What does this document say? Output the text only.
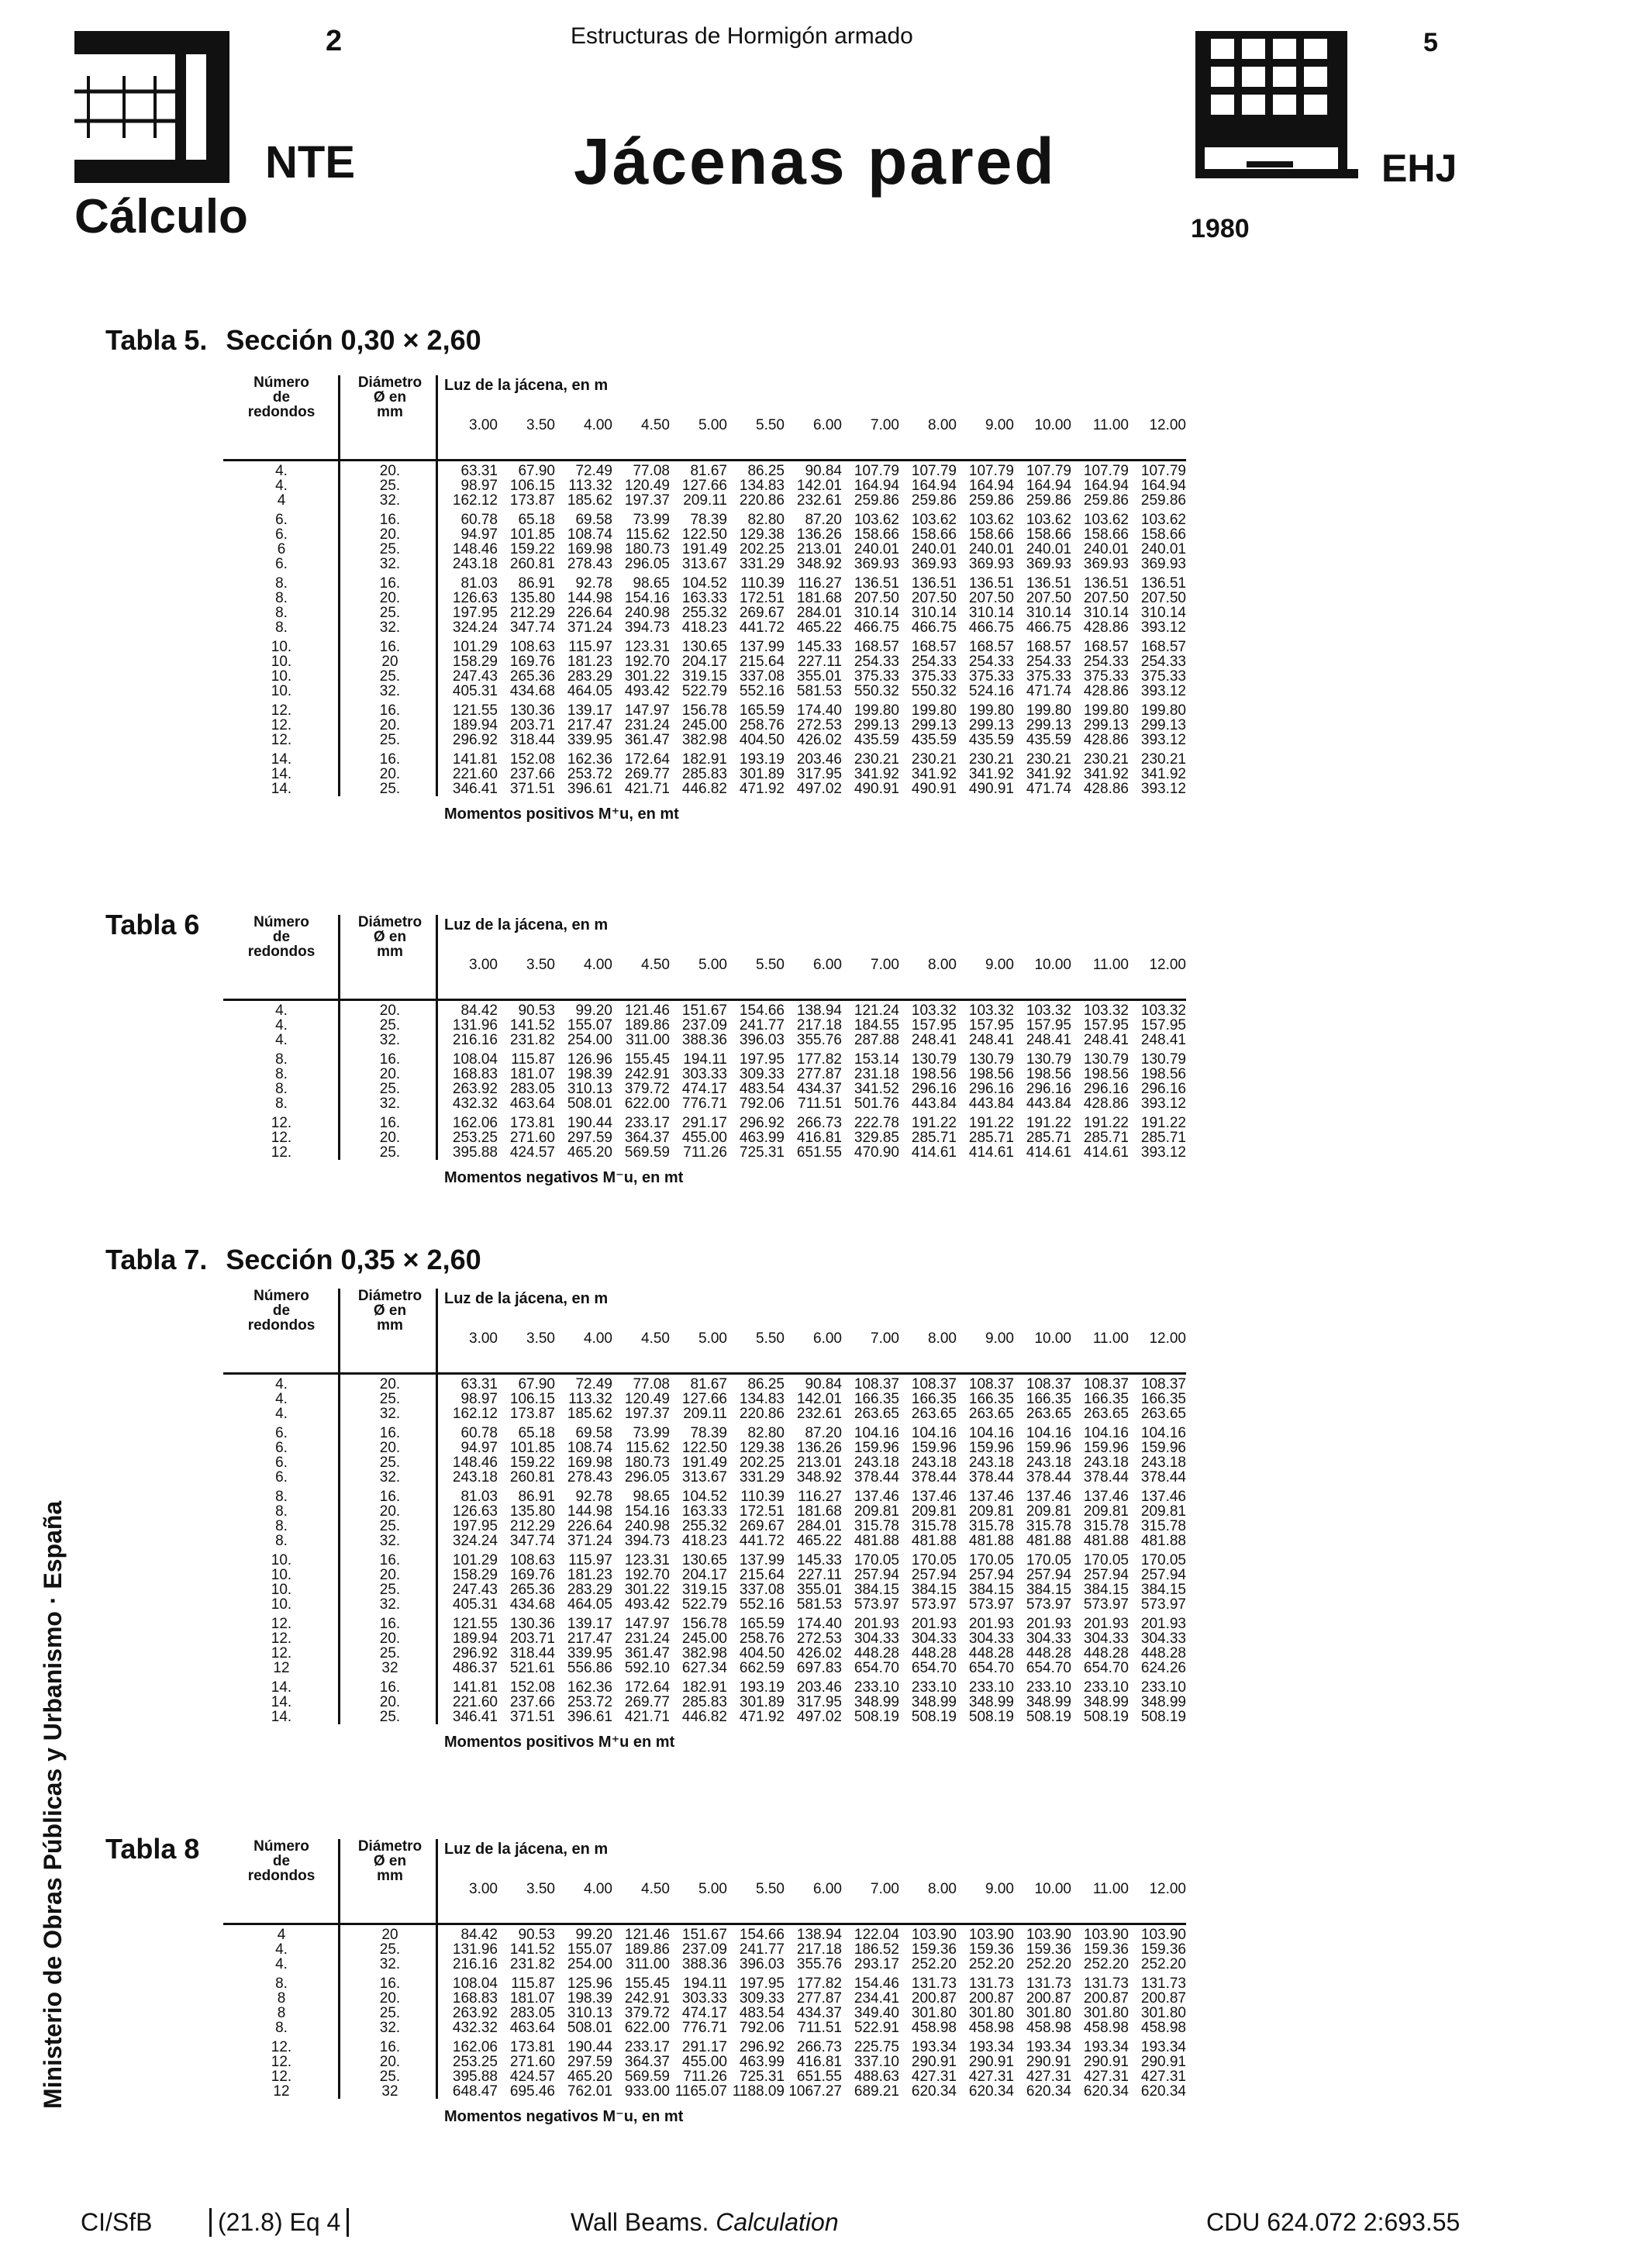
2	Estructuras de Hormigón armado	5
NTE	Jácenas pared	EHJ
Cálculo	1980
Tabla 5. Sección 0,30 × 2,60
Número
de
redondos
Diámetro
Ø en
mm
Luz de la jácena, en m
3.00	3.50	4.00	4.50	5.00	5.50	6.00	7.00	8.00	9.00	10.00	11.00	12.00
4.	20.	63.31	67.90	72.49	77.08	81.67	86.25	90.84 107.79 107.79 107.79 107.79 107.79 107.79
4.	25.	98.97 106.15 113.32 120.49 127.66 134.83 142.01 164.94 164.94 164.94 164.94 164.94 164.94
4	32.	162.12 173.87 185.62 197.37 209.11 220.86 232.61 259.86 259.86 259.86 259.86 259.86 259.86
6.	16.	60.78	65.18	69.58	73.99	78.39	82.80	87.20 103.62 103.62 103.62 103.62 103.62 103.62
6.	20.	94.97 101.85 108.74 115.62 122.50 129.38 136.26 158.66 158.66 158.66 158.66 158.66 158.66
6	25.	148.46 159.22 169.98 180.73 191.49 202.25 213.01 240.01 240.01 240.01 240.01 240.01 240.01
6.	32.	243.18 260.81 278.43 296.05 313.67 331.29 348.92 369.93 369.93 369.93 369.93 369.93 369.93
8.	16.	81.03	86.91	92.78	98.65 104.52 110.39 116.27 136.51 136.51 136.51 136.51 136.51 136.51
8.	20.	126.63 135.80 144.98 154.16 163.33 172.51 181.68 207.50 207.50 207.50 207.50 207.50 207.50
8.	25.	197.95 212.29 226.64 240.98 255.32 269.67 284.01 310.14 310.14 310.14 310.14 310.14 310.14
8.	32.	324.24 347.74 371.24 394.73 418.23 441.72 465.22 466.75 466.75 466.75 466.75 428.86 393.12
10.	16.	101.29 108.63 115.97 123.31 130.65 137.99 145.33 168.57 168.57 168.57 168.57 168.57 168.57
10.	20	158.29 169.76 181.23 192.70 204.17 215.64 227.11 254.33 254.33 254.33 254.33 254.33 254.33
10.	25.	247.43 265.36 283.29 301.22 319.15 337.08 355.01 375.33 375.33 375.33 375.33 375.33 375.33
10.	32.	405.31 434.68 464.05 493.42 522.79 552.16 581.53 550.32 550.32 524.16 471.74 428.86 393.12
12.	16.	121.55 130.36 139.17 147.97 156.78 165.59 174.40 199.80 199.80 199.80 199.80 199.80 199.80
12.	20.	189.94 203.71 217.47 231.24 245.00 258.76 272.53 299.13 299.13 299.13 299.13 299.13 299.13
12.	25.	296.92 318.44 339.95 361.47 382.98 404.50 426.02 435.59 435.59 435.59 435.59 428.86 393.12
14.	16.	141.81 152.08 162.36 172.64 182.91 193.19 203.46 230.21 230.21 230.21 230.21 230.21 230.21
14.	20.	221.60 237.66 253.72 269.77 285.83 301.89 317.95 341.92 341.92 341.92 341.92 341.92 341.92
14.	25.	346.41 371.51 396.61 421.71 446.82 471.92 497.02 490.91 490.91 490.91 471.74 428.86 393.12
Momentos positivos M⁺u, en mt
Tabla 6	Número
de
redondos
Diámetro
Ø en
mm
Luz de la jácena, en m
3.00	3.50	4.00	4.50	5.00	5.50	6.00	7.00	8.00	9.00	10.00	11.00	12.00
4.	20.	84.42	90.53	99.20 121.46 151.67 154.66 138.94 121.24 103.32 103.32 103.32 103.32 103.32
4.	25.	131.96 141.52 155.07 189.86 237.09 241.77 217.18 184.55 157.95 157.95 157.95 157.95 157.95
4.	32.	216.16 231.82 254.00 311.00 388.36 396.03 355.76 287.88 248.41 248.41 248.41 248.41 248.41
8.	16.	108.04 115.87 126.96 155.45 194.11 197.95 177.82 153.14 130.79 130.79 130.79 130.79 130.79
8.	20.	168.83 181.07 198.39 242.91 303.33 309.33 277.87 231.18 198.56 198.56 198.56 198.56 198.56
8.	25.	263.92 283.05 310.13 379.72 474.17 483.54 434.37 341.52 296.16 296.16 296.16 296.16 296.16
8.	32.	432.32 463.64 508.01 622.00 776.71 792.06 711.51 501.76 443.84 443.84 443.84 428.86 393.12
12.	16.	162.06 173.81 190.44 233.17 291.17 296.92 266.73 222.78 191.22 191.22 191.22 191.22 191.22
12.	20.	253.25 271.60 297.59 364.37 455.00 463.99 416.81 329.85 285.71 285.71 285.71 285.71 285.71
12.	25.	395.88 424.57 465.20 569.59 711.26 725.31 651.55 470.90 414.61 414.61 414.61 414.61 393.12
Momentos negativos M⁻u, en mt
Tabla 7. Sección 0,35 × 2,60
Número
de
redondos
Diámetro
Ø en
mm
Luz de la jácena, en m
3.00	3.50	4.00	4.50	5.00	5.50	6.00	7.00	8.00	9.00	10.00	11.00	12.00
4.	20.	63.31	67.90	72.49	77.08	81.67	86.25	90.84 108.37 108.37 108.37 108.37 108.37 108.37
4.	25.	98.97 106.15 113.32 120.49 127.66 134.83 142.01 166.35 166.35 166.35 166.35 166.35 166.35
4.	32.	162.12 173.87 185.62 197.37 209.11 220.86 232.61 263.65 263.65 263.65 263.65 263.65 263.65
6.	16.	60.78	65.18	69.58	73.99	78.39	82.80	87.20 104.16 104.16 104.16 104.16 104.16 104.16
6.	20.	94.97 101.85 108.74 115.62 122.50 129.38 136.26 159.96 159.96 159.96 159.96 159.96 159.96
6.	25.	148.46 159.22 169.98 180.73 191.49 202.25 213.01 243.18 243.18 243.18 243.18 243.18 243.18
6.	32.	243.18 260.81 278.43 296.05 313.67 331.29 348.92 378.44 378.44 378.44 378.44 378.44 378.44
8.	16.	81.03	86.91	92.78	98.65 104.52 110.39 116.27 137.46 137.46 137.46 137.46 137.46 137.46
8.	20.	126.63 135.80 144.98 154.16 163.33 172.51 181.68 209.81 209.81 209.81 209.81 209.81 209.81
8.	25.	197.95 212.29 226.64 240.98 255.32 269.67 284.01 315.78 315.78 315.78 315.78 315.78 315.78
8.	32.	324.24 347.74 371.24 394.73 418.23 441.72 465.22 481.88 481.88 481.88 481.88 481.88 481.88
10.	16.	101.29 108.63 115.97 123.31 130.65 137.99 145.33 170.05 170.05 170.05 170.05 170.05 170.05
10.	20.	158.29 169.76 181.23 192.70 204.17 215.64 227.11 257.94 257.94 257.94 257.94 257.94 257.94
10.	25.	247.43 265.36 283.29 301.22 319.15 337.08 355.01 384.15 384.15 384.15 384.15 384.15 384.15
10.	32.	405.31 434.68 464.05 493.42 522.79 552.16 581.53 573.97 573.97 573.97 573.97 573.97 573.97
12.	16.	121.55 130.36 139.17 147.97 156.78 165.59 174.40 201.93 201.93 201.93 201.93 201.93 201.93
12.	20.	189.94 203.71 217.47 231.24 245.00 258.76 272.53 304.33 304.33 304.33 304.33 304.33 304.33
12.	25.	296.92 318.44 339.95 361.47 382.98 404.50 426.02 448.28 448.28 448.28 448.28 448.28 448.28
12	32	486.37 521.61 556.86 592.10 627.34 662.59 697.83 654.70 654.70 654.70 654.70 654.70 624.26
14.	16.	141.81 152.08 162.36 172.64 182.91 193.19 203.46 233.10 233.10 233.10 233.10 233.10 233.10
14.	20.	221.60 237.66 253.72 269.77 285.83 301.89 317.95 348.99 348.99 348.99 348.99 348.99 348.99
14.	25.	346.41 371.51 396.61 421.71 446.82 471.92 497.02 508.19 508.19 508.19 508.19 508.19 508.19
Momentos positivos M⁺u en mt
Tabla 8	Número
de
redondos
Diámetro
Ø en
mm
Luz de la jácena, en m
3.00	3.50	4.00	4.50	5.00	5.50	6.00	7.00	8.00	9.00	10.00	11.00	12.00
4	20	84.42	90.53	99.20 121.46 151.67 154.66 138.94 122.04 103.90 103.90 103.90 103.90 103.90
4.	25.	131.96 141.52 155.07 189.86 237.09 241.77 217.18 186.52 159.36 159.36 159.36 159.36 159.36
4.	32.	216.16 231.82 254.00 311.00 388.36 396.03 355.76 293.17 252.20 252.20 252.20 252.20 252.20
8.	16.	108.04 115.87 125.96 155.45 194.11 197.95 177.82 154.46 131.73 131.73 131.73 131.73 131.73
8	20.	168.83 181.07 198.39 242.91 303.33 309.33 277.87 234.41 200.87 200.87 200.87 200.87 200.87
8	25.	263.92 283.05 310.13 379.72 474.17 483.54 434.37 349.40 301.80 301.80 301.80 301.80 301.80
8.	32.	432.32 463.64 508.01 622.00 776.71 792.06 711.51 522.91 458.98 458.98 458.98 458.98 458.98
12.	16.	162.06 173.81 190.44 233.17 291.17 296.92 266.73 225.75 193.34 193.34 193.34 193.34 193.34
12.	20.	253.25 271.60 297.59 364.37 455.00 463.99 416.81 337.10 290.91 290.91 290.91 290.91 290.91
12.	25.	395.88 424.57 465.20 569.59 711.26 725.31 651.55 488.63 427.31 427.31 427.31 427.31 427.31
12	32	648.47 695.46 762.01 933.00 1165.07 1188.09 1067.27 689.21 620.34 620.34 620.34 620.34 620.34
Momentos negativos M⁻u, en mt
Ministerio de Obras Públicas y Urbanismo · España
CI/SfB	(21.8) Eq 4	Wall Beams. Calculation	CDU 624.072 2:693.55
